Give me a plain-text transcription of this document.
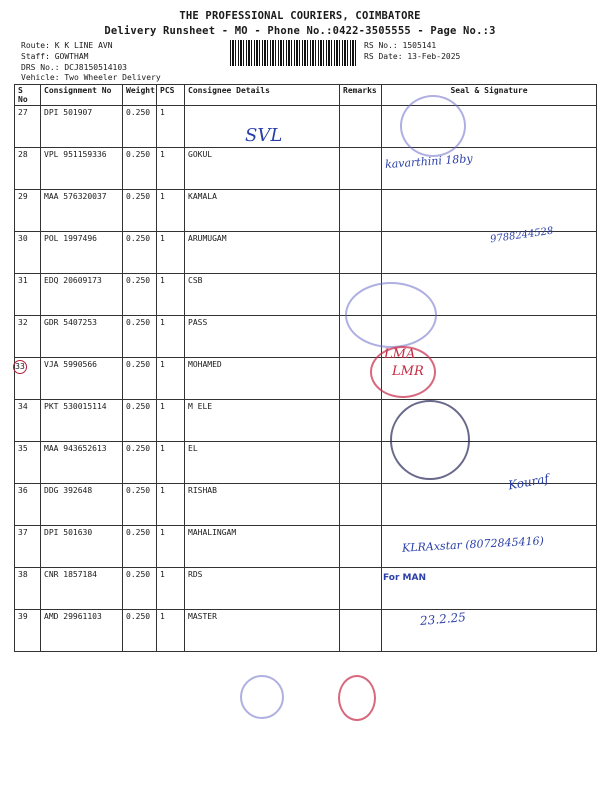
THE PROFESSIONAL COURIERS, COIMBATORE
Delivery Runsheet - MO - Phone No.:0422-3505555 - Page No.:3
Route: K K LINE AVN
Staff: GOWTHAM
DRS No.: DCJ8150514103
RS No.: 1505141
RS Date: 13-Feb-2025
Vehicle: Two Wheeler Delivery
S No	Consignment No	Weight	PCS	Consignee Details	Remarks	Seal & Signature
27	DPI 501907	0.250	1			
28	VPL 951159336	0.250	1	GOKUL		
29	MAA 576320037	0.250	1	KAMALA		
30	POL 1997496	0.250	1	ARUMUGAM		
31	EDQ 20609173	0.250	1	CSB		
32	GDR 5407253	0.250	1	PASS		
33	VJA 5990566	0.250	1	MOHAMED		
34	PKT 530015114	0.250	1	M ELE		
35	MAA 943652613	0.250	1	EL		
36	DDG 392648	0.250	1	RISHAB		
37	DPI 501630	0.250	1	MAHALINGAM		
38	CNR 1857184	0.250	1	RDS		
39	AMD 29961103	0.250	1	MASTER		
SVL
kavarthini 18by
9788244528
LMA
LMR
Kouraf
KLRAxstar (8072845416)
For MAN
23.2.25
